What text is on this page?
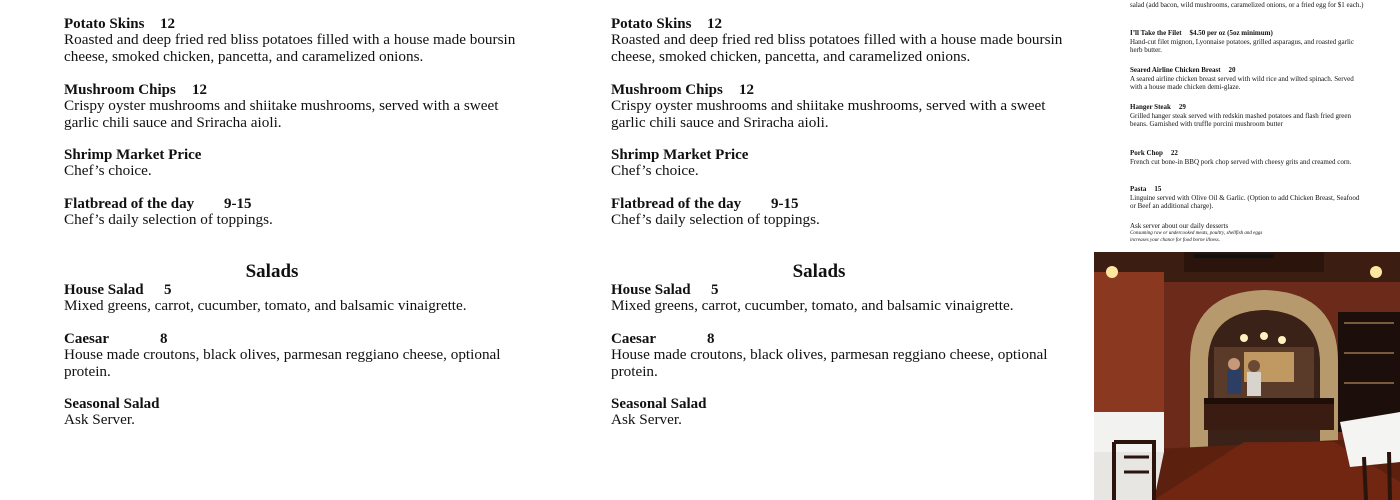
Potato Skins 12
Roasted and deep fried red bliss potatoes filled with a house made boursin cheese, smoked chicken, pancetta, and caramelized onions.
Mushroom Chips 12
Crispy oyster mushrooms and shiitake mushrooms, served with a sweet garlic chili sauce and Sriracha aioli.
Shrimp Market Price
Chef’s choice.
Flatbread of the day 9-15
Chef’s daily selection of toppings.
Salads
House Salad 5
Mixed greens, carrot, cucumber, tomato, and balsamic vinaigrette.
Caesar	8
House made croutons, black olives, parmesan reggiano cheese, optional protein.
Seasonal Salad
Ask Server.
Potato Skins 12
Roasted and deep fried red bliss potatoes filled with a house made boursin cheese, smoked chicken, pancetta, and caramelized onions.
Mushroom Chips 12
Crispy oyster mushrooms and shiitake mushrooms, served with a sweet garlic chili sauce and Sriracha aioli.
Shrimp Market Price
Chef’s choice.
Flatbread of the day 9-15
Chef’s daily selection of toppings.
Salads
House Salad 5
Mixed greens, carrot, cucumber, tomato, and balsamic vinaigrette.
Caesar	8
House made croutons, black olives, parmesan reggiano cheese, optional protein.
Seasonal Salad
Ask Server.
salad (add bacon, wild mushrooms, caramelized onions, or a fried egg for $1 each.)
I’ll Take the Filet $4.50 per oz (5oz minimum)
Hand-cut filet mignon, Lyonnaise potatoes, grilled asparagus, and roasted garlic herb butter.
Seared Airline Chicken Breast 20
A seared airline chicken breast served with wild rice and wilted spinach. Served with a house made chicken demi-glaze.
Hanger Steak 29
Grilled hanger steak served with redskin mashed potatoes and flash fried green beans. Garnished with truffle porcini mushroom butter
Pork Chop 22
French cut bone-in BBQ pork chop served with cheesy grits and creamed corn.
Pasta 15
Linguine served with Olive Oil & Garlic. (Option to add Chicken Breast, Seafood or Beef an additional charge).
Ask server about our daily desserts
Consuming raw or undercooked meats, poultry, shellfish and eggs increases your chance for food borne illness.
